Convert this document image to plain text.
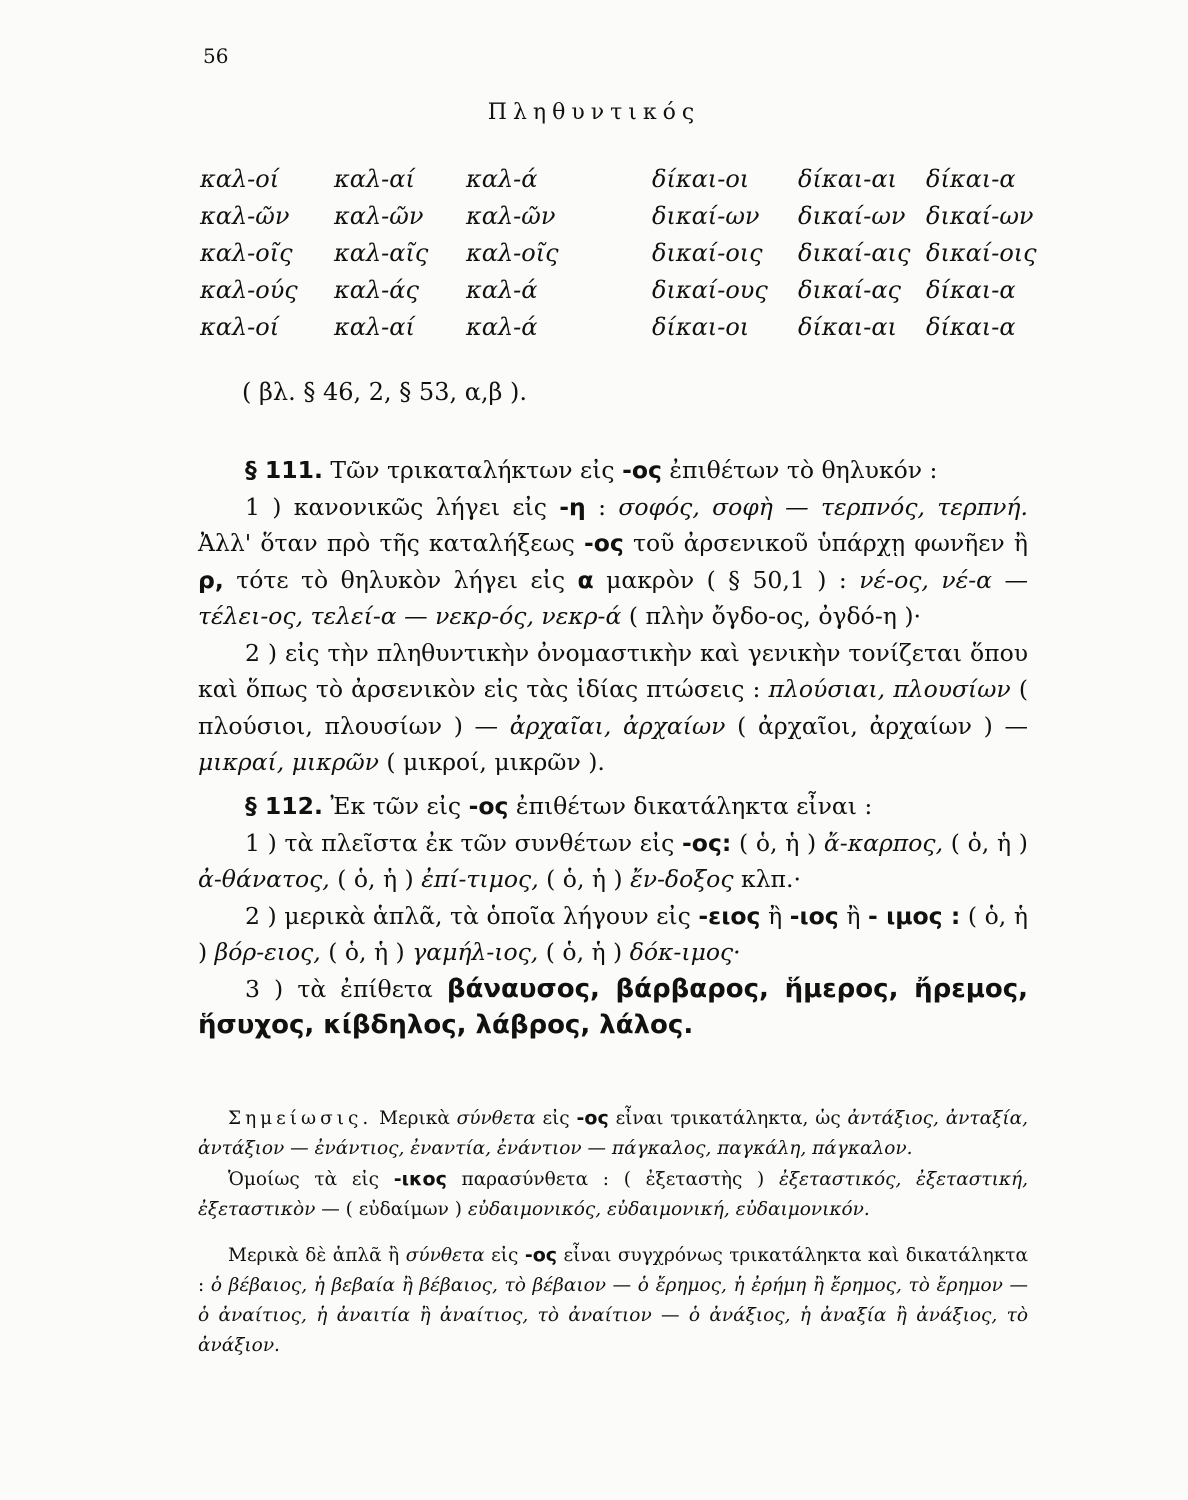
56
Πληθυντικός
καλ-οί καλ-αί καλ-ά	δίκαι-οι δίκαι-αι δίκαι-α
καλ-ῶν καλ-ῶν καλ-ῶν	δικαί-ων δικαί-ων δικαί-ων
καλ-οῖς καλ-αῖς καλ-οῖς	δικαί-οις δικαί-αις δικαί-οις
καλ-ούς καλ-άς καλ-ά	δικαί-ους δικαί-ας δίκαι-α
καλ-οί καλ-αί καλ-ά	δίκαι-οι δίκαι-αι δίκαι-α
( βλ. § 46, 2, § 53, α,β ).

§ 111. Τῶν τρικαταλήκτων εἰς -ος ἐπιθέτων τὸ θηλυκόν :

1 ) κανονικῶς λήγει εἰς -η : σοφός, σοφὴ — τερπνός, τερπνή. Ἀλλ' ὅταν πρὸ τῆς καταλήξεως -ος τοῦ ἀρσενικοῦ ὑπάρχῃ φωνῆεν ἢ ρ, τότε τὸ θηλυκὸν λήγει εἰς α μακρὸν ( § 50,1 ) : νέ-ος, νέ-α — τέλει-ος, τελεί-α — νεκρ-ός, νεκρ-ά ( πλὴν ὄγδο-ος, ὀγδό-η )·

2 ) εἰς τὴν πληθυντικὴν ὀνομαστικὴν καὶ γενικὴν τονίζεται ὅπου καὶ ὅπως τὸ ἀρσενικὸν εἰς τὰς ἰδίας πτώσεις : πλούσιαι, πλουσίων ( πλούσιοι, πλουσίων ) — ἀρχαῖαι, ἀρχαίων ( ἀρχαῖοι, ἀρχαίων ) — μικραί, μικρῶν ( μικροί, μικρῶν ).

§ 112. Ἐκ τῶν εἰς -ος ἐπιθέτων δικατάληκτα εἶναι :

1 ) τὰ πλεῖστα ἐκ τῶν συνθέτων εἰς -ος: ( ὁ, ἡ ) ἄ-καρπος, ( ὁ, ἡ ) ἀ-θάνατος, ( ὁ, ἡ ) ἐπί-τιμος, ( ὁ, ἡ ) ἔν-δοξος κλπ.·

2 ) μερικὰ ἁπλᾶ, τὰ ὁποῖα λήγουν εἰς -ειος ἢ -ιος ἢ - ιμος : ( ὁ, ἡ ) βόρ-ειος, ( ὁ, ἡ ) γαμήλ-ιος, ( ὁ, ἡ ) δόκ-ιμος·

3 ) τὰ ἐπίθετα βάναυσος, βάρβαρος, ἥμερος, ἤρεμος, ἥσυχος, κίβδηλος, λάβρος, λάλος.

Σημείωσις. Μερικὰ σύνθετα εἰς -ος εἶναι τρικατάληκτα, ὡς ἀντάξιος, ἀνταξία, ἀντάξιον — ἐνάντιος, ἐναντία, ἐνάντιον — πάγκαλος, παγκάλη, πάγκαλον.

Ὁμοίως τὰ εἰς -ικος παρασύνθετα : ( ἐξεταστὴς ) ἐξεταστικός, ἐξεταστική, ἐξεταστικὸν — ( εὐδαίμων ) εὐδαιμονικός, εὐδαιμονική, εὐδαιμονικόν.

Μερικὰ δὲ ἁπλᾶ ἢ σύνθετα εἰς -ος εἶναι συγχρόνως τρικατάληκτα καὶ δικατάληκτα : ὁ βέβαιος, ἡ βεβαία ἢ βέβαιος, τὸ βέβαιον — ὁ ἔρημος, ἡ ἐρήμη ἢ ἔρημος, τὸ ἔρημον — ὁ ἀναίτιος, ἡ ἀναιτία ἢ ἀναίτιος, τὸ ἀναίτιον — ὁ ἀνάξιος, ἡ ἀναξία ἢ ἀνάξιος, τὸ ἀνάξιον.
